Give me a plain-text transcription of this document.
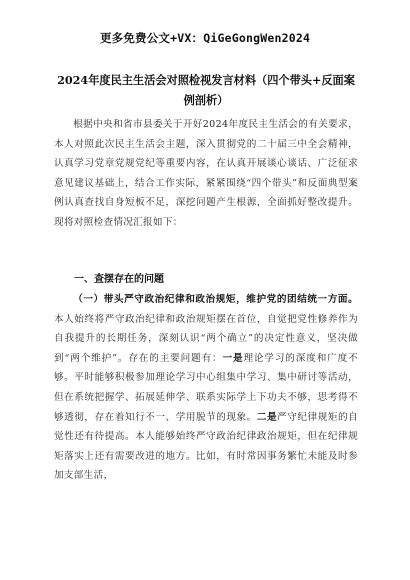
更多免费公文+VX：QiGeGongWen2024
2024年度民主生活会对照检视发言材料（四个带头+反面案例剖析）

根据中央和省市县委关于开好2024年度民主生活会的有关要求，本人对照此次民主生活会主题，深入贯彻党的二十届三中全会精神，认真学习党章党规党纪等重要内容，在认真开展谈心谈话、广泛征求意见建议基础上，结合工作实际，紧紧围绕“四个带头”和反面典型案例认真查找自身短板不足，深挖问题产生根源，全面抓好整改提升。现将对照检查情况汇报如下：

一、查摆存在的问题

（一）带头严守政治纪律和政治规矩，维护党的团结统一方面。本人始终将严守政治纪律和政治规矩摆在首位，自觉把党性修养作为自我提升的长期任务，深刻认识“两个确立”的决定性意义，坚决做到“两个维护”。存在的主要问题有：一是理论学习的深度和广度不够。平时能够积极参加理论学习中心组集中学习、集中研讨等活动，但在系统把握学、拓展延伸学、联系实际学上下功夫不够，思考得不够透彻，存在着知行不一、学用脱节的现象。二是严守纪律规矩的自觉性还有待提高。本人能够始终严守政治纪律政治规矩，但在纪律规矩落实上还有需要改进的地方。比如，有时常因事务繁忙未能及时参加支部生活，
